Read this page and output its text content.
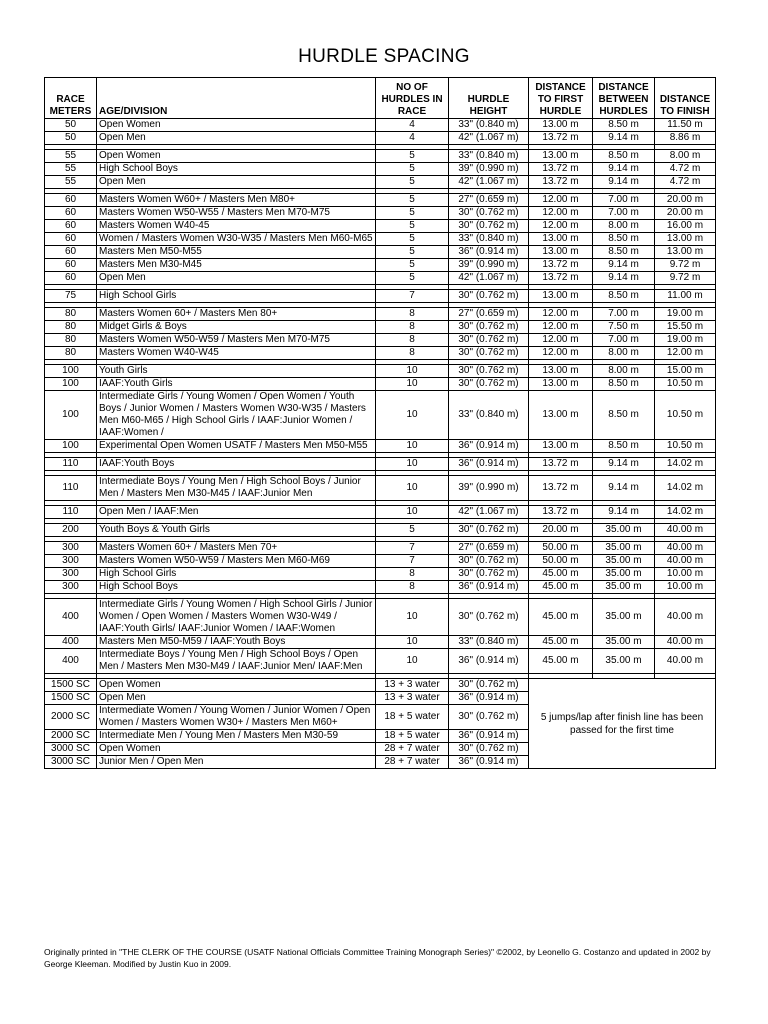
HURDLE SPACING
RACE METERS	AGE/DIVISION	NO OF HURDLES IN RACE	HURDLE HEIGHT	DISTANCE TO FIRST HURDLE	DISTANCE BETWEEN HURDLES	DISTANCE TO FINISH
50	Open Women	4	33" (0.840 m)	13.00 m	8.50 m	11.50 m
50	Open Men	4	42" (1.067 m)	13.72 m	9.14 m	8.86 m

55	Open Women	5	33" (0.840 m)	13.00 m	8.50 m	8.00 m
55	High School Boys	5	39" (0.990 m)	13.72 m	9.14 m	4.72 m
55	Open Men	5	42" (1.067 m)	13.72 m	9.14 m	4.72 m

60	Masters Women W60+ / Masters Men M80+	5	27" (0.659 m)	12.00 m	7.00 m	20.00 m
60	Masters Women W50-W55 / Masters Men M70-M75	5	30" (0.762 m)	12.00 m	7.00 m	20.00 m
60	Masters Women W40-45	5	30" (0.762 m)	12.00 m	8.00 m	16.00 m
60	Women / Masters Women W30-W35 / Masters Men M60-M65	5	33" (0.840 m)	13.00 m	8.50 m	13.00 m
60	Masters Men M50-M55	5	36" (0.914 m)	13.00 m	8.50 m	13.00 m
60	Masters Men M30-M45	5	39" (0.990 m)	13.72 m	9.14 m	9.72 m
60	Open Men	5	42" (1.067 m)	13.72 m	9.14 m	9.72 m

75	High School Girls	7	30" (0.762 m)	13.00 m	8.50 m	11.00 m

80	Masters Women 60+ / Masters Men 80+	8	27" (0.659 m)	12.00 m	7.00 m	19.00 m
80	Midget Girls & Boys	8	30" (0.762 m)	12.00 m	7.50 m	15.50 m
80	Masters Women W50-W59 / Masters Men M70-M75	8	30" (0.762 m)	12.00 m	7.00 m	19.00 m
80	Masters Women W40-W45	8	30" (0.762 m)	12.00 m	8.00 m	12.00 m

100	Youth Girls	10	30" (0.762 m)	13.00 m	8.00 m	15.00 m
100	IAAF:Youth Girls	10	30" (0.762 m)	13.00 m	8.50 m	10.50 m
100	Intermediate Girls / Young Women / Open Women / Youth Boys / Junior Women / Masters Women W30-W35 / Masters Men M60-M65 / High School Girls / IAAF:Junior Women / IAAF:Women /	10	33" (0.840 m)	13.00 m	8.50 m	10.50 m
100	Experimental Open Women USATF / Masters Men M50-M55	10	36" (0.914 m)	13.00 m	8.50 m	10.50 m

110	IAAF:Youth Boys	10	36" (0.914 m)	13.72 m	9.14 m	14.02 m

110	Intermediate Boys / Young Men / High School Boys / Junior Men / Masters Men M30-M45 / IAAF:Junior Men	10	39" (0.990 m)	13.72 m	9.14 m	14.02 m

110	Open Men / IAAF:Men	10	42" (1.067 m)	13.72 m	9.14 m	14.02 m

200	Youth Boys & Youth Girls	5	30" (0.762 m)	20.00 m	35.00 m	40.00 m

300	Masters Women 60+ / Masters Men 70+	7	27" (0.659 m)	50.00 m	35.00 m	40.00 m
300	Masters Women W50-W59 / Masters Men M60-M69	7	30" (0.762 m)	50.00 m	35.00 m	40.00 m
300	High School Girls	8	30" (0.762 m)	45.00 m	35.00 m	10.00 m
300	High School Boys	8	36" (0.914 m)	45.00 m	35.00 m	10.00 m

400	Intermediate Girls / Young Women / High School Girls / Junior Women / Open Women / Masters Women W30-W49 / IAAF:Youth Girls/ IAAF:Junior Women / IAAF:Women	10	30" (0.762 m)	45.00 m	35.00 m	40.00 m
400	Masters Men M50-M59 / IAAF:Youth Boys	10	33" (0.840 m)	45.00 m	35.00 m	40.00 m
400	Intermediate Boys / Young Men / High School Boys / Open Men / Masters Men M30-M49 / IAAF:Junior Men/ IAAF:Men	10	36" (0.914 m)	45.00 m	35.00 m	40.00 m

1500 SC	Open Women	13 + 3 water	30" (0.762 m)	5 jumps/lap after finish line has been passed for the first time		
1500 SC	Open Men	13 + 3 water	36" (0.914 m)			
2000 SC	Intermediate Women / Young Women / Junior Women / Open Women / Masters Women W30+ / Masters Men M60+	18 + 5 water	30" (0.762 m)			
2000 SC	Intermediate Men / Young Men / Masters Men M30-59	18 + 5 water	36" (0.914 m)			
3000 SC	Open Women	28 + 7 water	30" (0.762 m)			
3000 SC	Junior Men / Open Men	28 + 7 water	36" (0.914 m)			
Originally printed in "THE CLERK OF THE COURSE (USATF National Officials Committee Training Monograph Series)" ©2002, by Leonello G. Costanzo and updated in 2002 by George Kleeman. Modified by Justin Kuo in 2009.
